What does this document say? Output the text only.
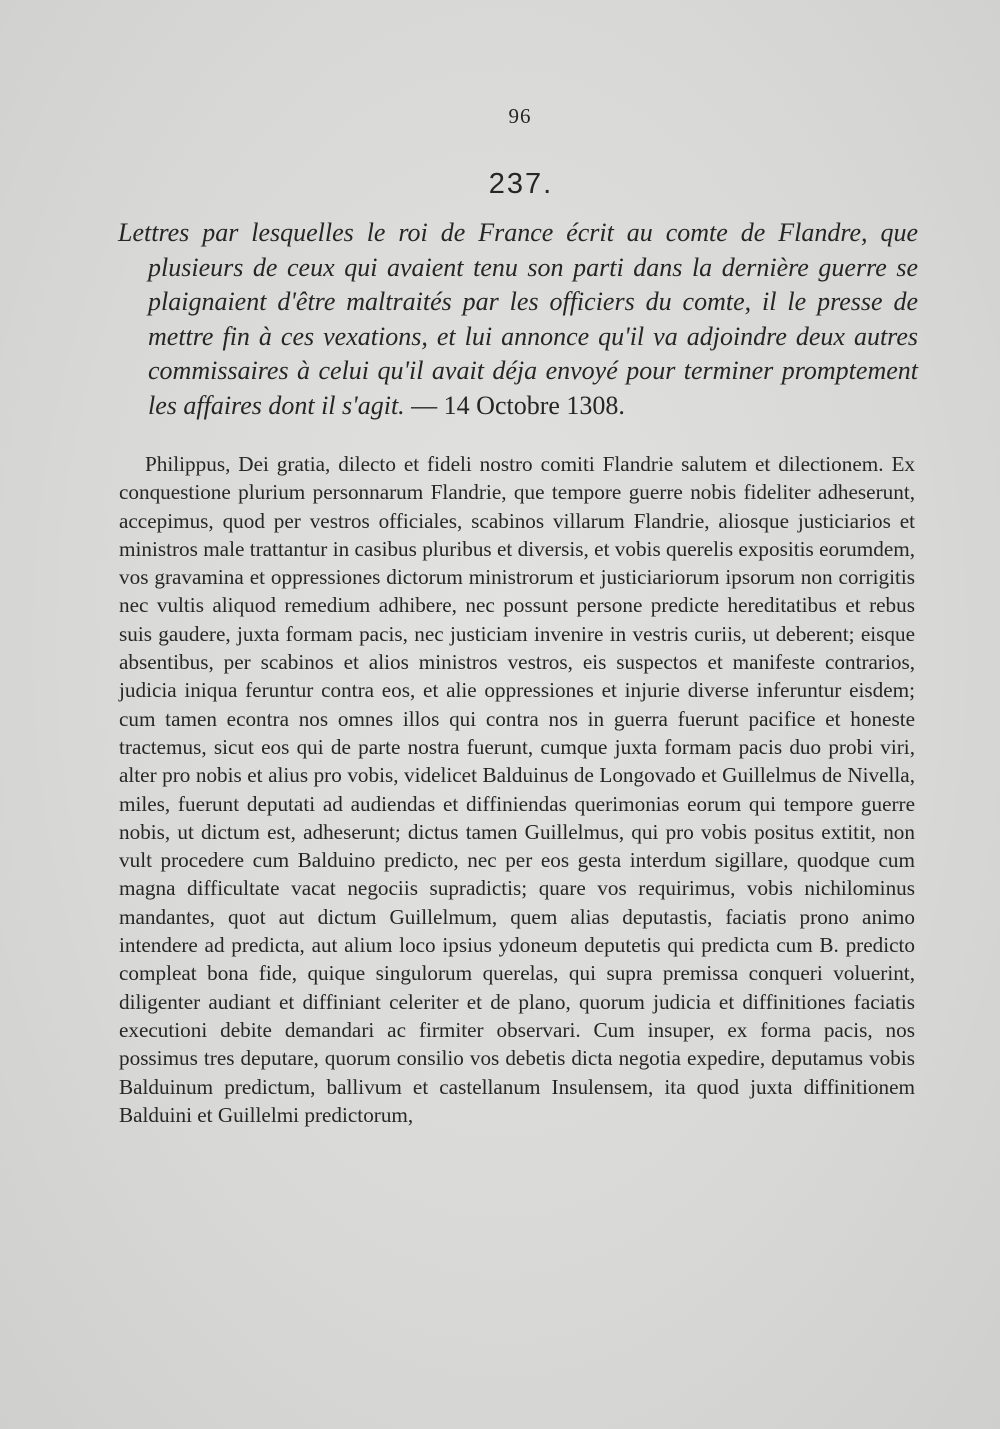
96
237.

Lettres par lesquelles le roi de France écrit au comte de Flandre, que plusieurs de ceux qui avaient tenu son parti dans la dernière guerre se plaignaient d'être maltraités par les officiers du comte, il le presse de mettre fin à ces vexations, et lui annonce qu'il va adjoindre deux autres commissaires à celui qu'il avait déja envoyé pour terminer promptement les affaires dont il s'agit. — 14 Octobre 1308.

Philippus, Dei gratia, dilecto et fideli nostro comiti Flandrie salutem et dilectionem. Ex conquestione plurium personnarum Flandrie, que tempore guerre nobis fideliter adheserunt, accepimus, quod per vestros officiales, scabinos villarum Flandrie, aliosque justiciarios et ministros male trattantur in casibus pluribus et diversis, et vobis querelis expositis eorumdem, vos gravamina et oppressiones dictorum ministrorum et justiciariorum ipsorum non corrigitis nec vultis aliquod remedium adhibere, nec possunt persone predicte hereditatibus et rebus suis gaudere, juxta formam pacis, nec justiciam invenire in vestris curiis, ut deberent; eisque absentibus, per scabinos et alios ministros vestros, eis suspectos et manifeste contrarios, judicia iniqua feruntur contra eos, et alie oppressiones et injurie diverse inferuntur eisdem; cum tamen econtra nos omnes illos qui contra nos in guerra fuerunt pacifice et honeste tractemus, sicut eos qui de parte nostra fuerunt, cumque juxta formam pacis duo probi viri, alter pro nobis et alius pro vobis, videlicet Balduinus de Longovado et Guillelmus de Nivella, miles, fuerunt deputati ad audiendas et diffiniendas querimonias eorum qui tempore guerre nobis, ut dictum est, adheserunt; dictus tamen Guillelmus, qui pro vobis positus extitit, non vult procedere cum Balduino predicto, nec per eos gesta interdum sigillare, quodque cum magna difficultate vacat negociis supradictis; quare vos requirimus, vobis nichilominus mandantes, quot aut dictum Guillelmum, quem alias deputastis, faciatis prono animo intendere ad predicta, aut alium loco ipsius ydoneum deputetis qui predicta cum B. predicto compleat bona fide, quique singulorum querelas, qui supra premissa conqueri voluerint, diligenter audiant et diffiniant celeriter et de plano, quorum judicia et diffinitiones faciatis executioni debite demandari ac firmiter observari. Cum insuper, ex forma pacis, nos possimus tres deputare, quorum consilio vos debetis dicta negotia expedire, deputamus vobis Balduinum predictum, ballivum et castellanum Insulensem, ita quod juxta diffinitionem Balduini et Guillelmi predictorum,
